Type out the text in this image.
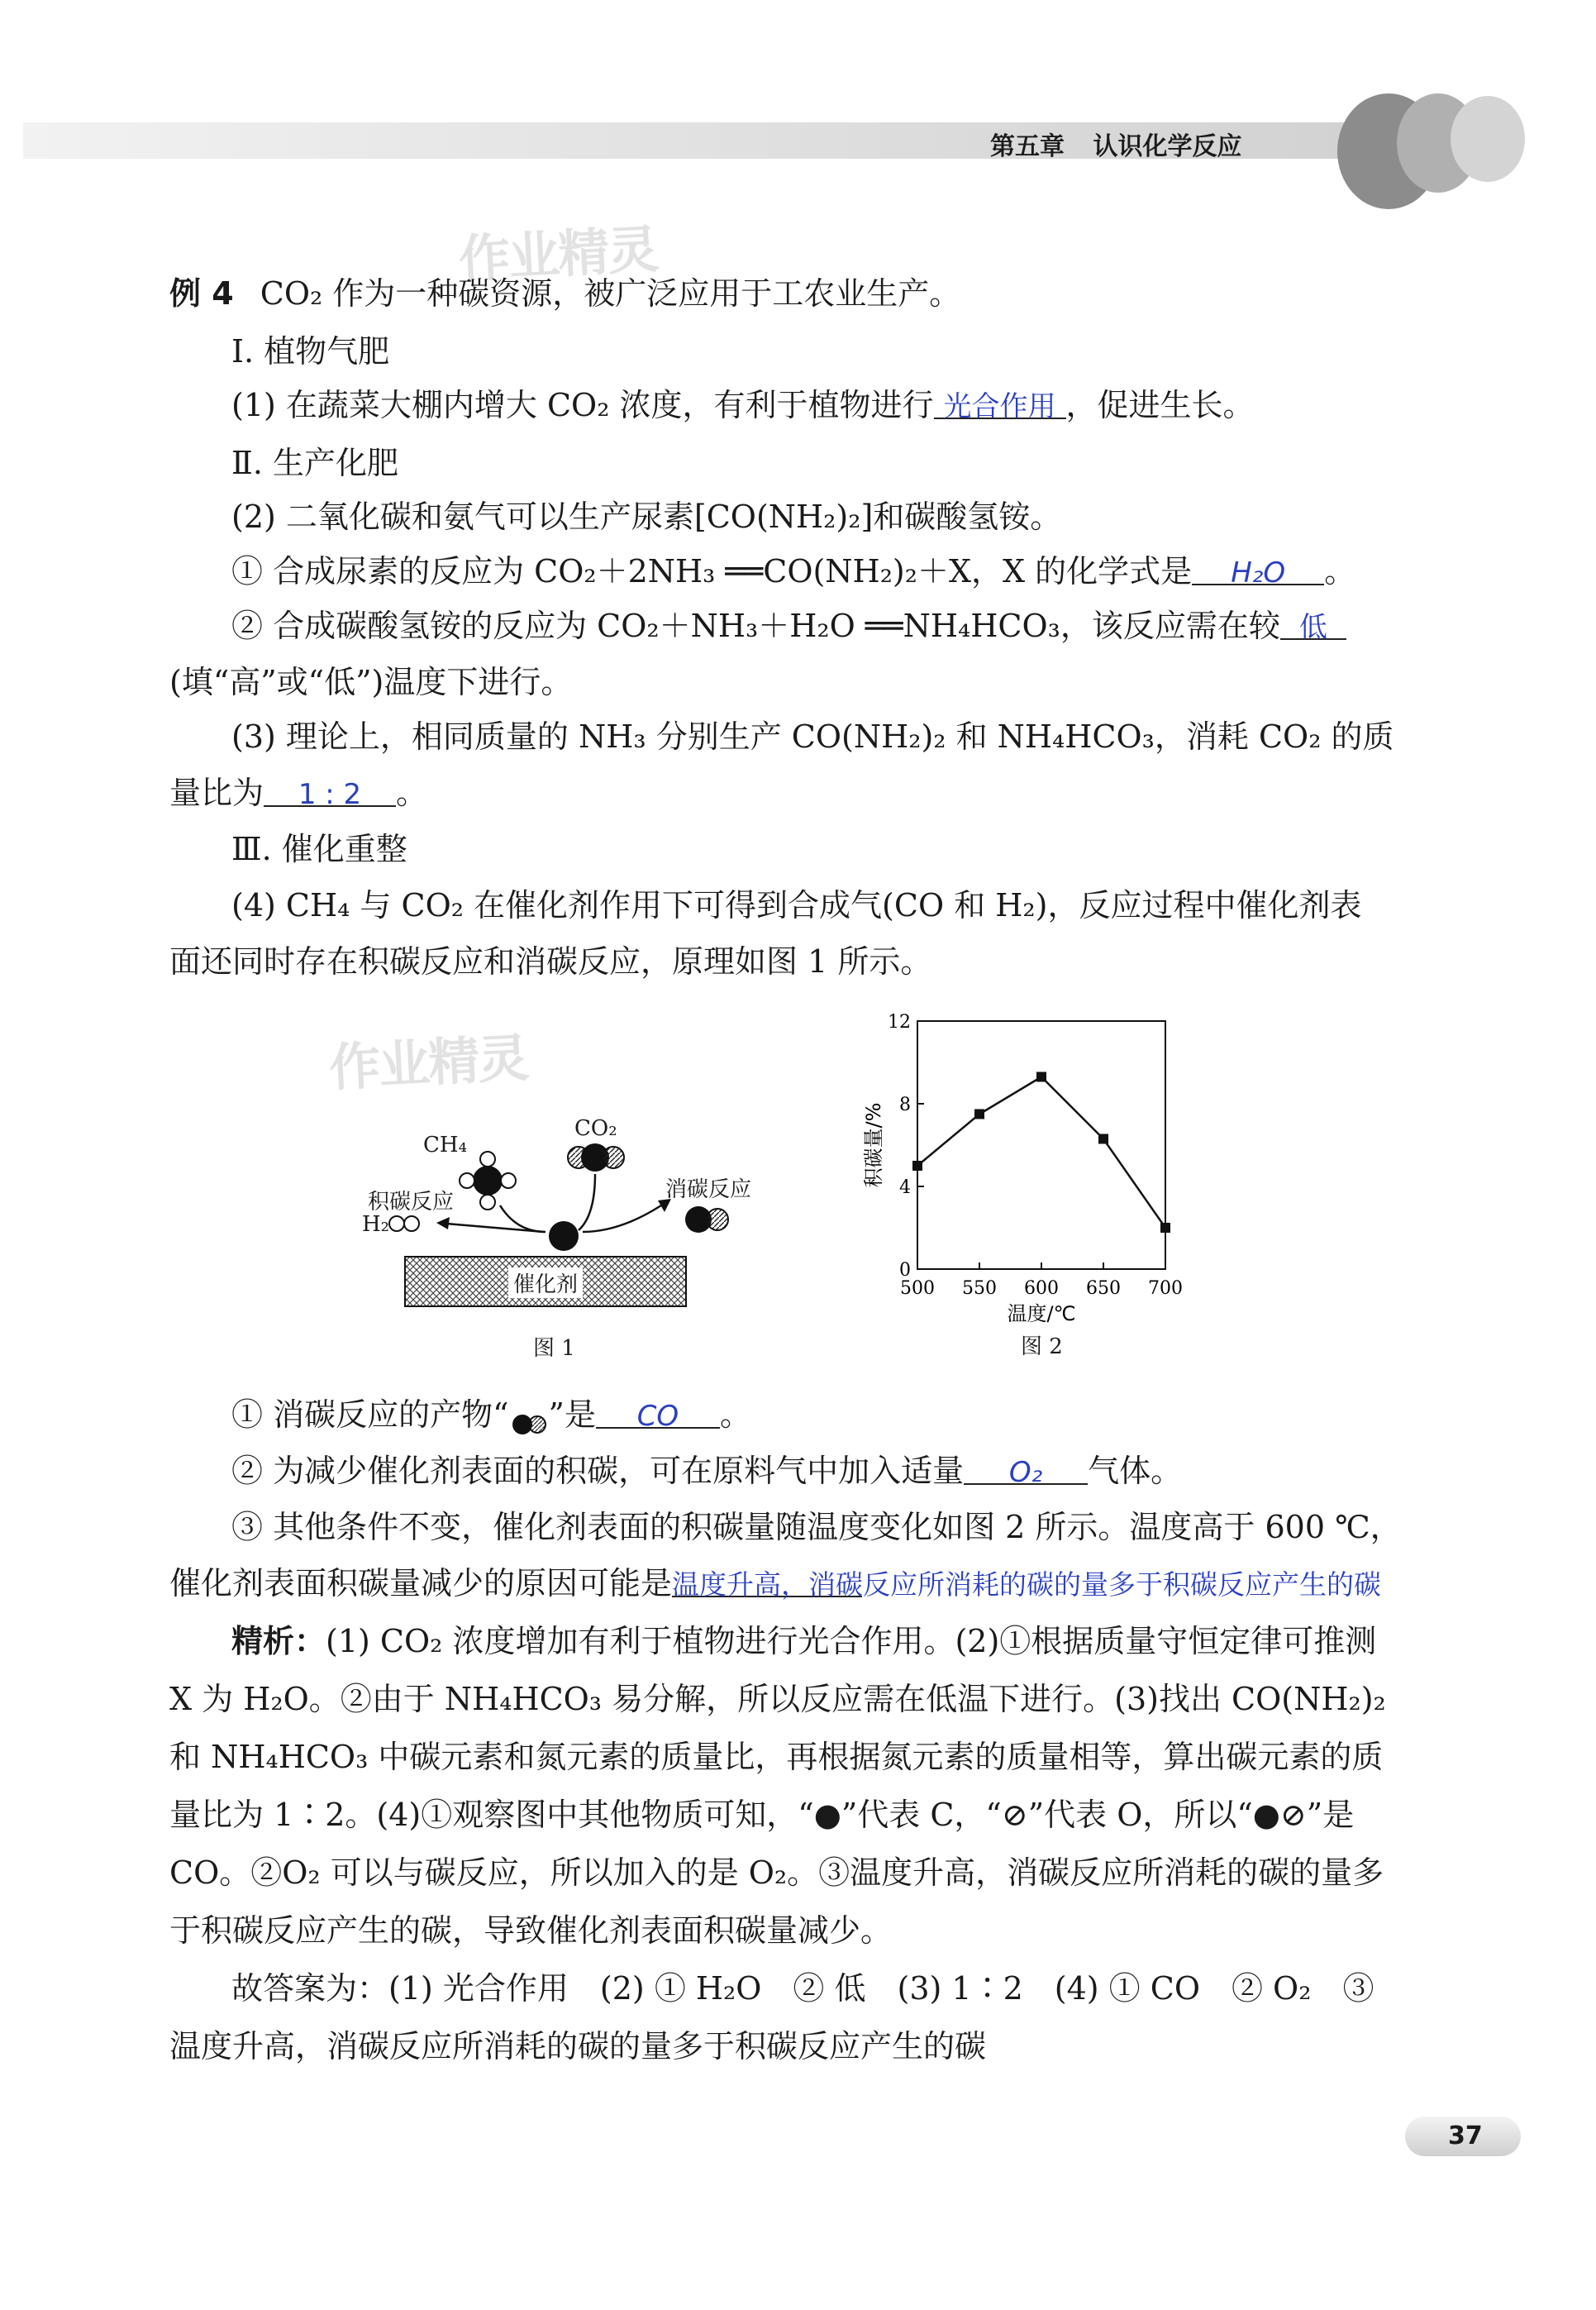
第五章 认识化学反应
作业精灵
作业精灵
例 4 CO₂ 作为一种碳资源，被广泛应用于工农业生产。
Ⅰ. 植物气肥
(1) 在蔬菜大棚内增大 CO₂ 浓度，有利于植物进行 光合作用 ，促进生长。
Ⅱ. 生产化肥
(2) 二氧化碳和氨气可以生产尿素[CO(NH₂)₂]和碳酸氢铵。
① 合成尿素的反应为 CO₂＋2NH₃ ══CO(NH₂)₂＋X，X 的化学式是 H₂O 。
② 合成碳酸氢铵的反应为 CO₂＋NH₃＋H₂O ══NH₄HCO₃，该反应需在较 低
(填“高”或“低”)温度下进行。
(3) 理论上，相同质量的 NH₃ 分别生产 CO(NH₂)₂ 和 NH₄HCO₃，消耗 CO₂ 的质
量比为 1 : 2 。
Ⅲ. 催化重整
(4) CH₄ 与 CO₂ 在催化剂作用下可得到合成气(CO 和 H₂)，反应过程中催化剂表
面还同时存在积碳反应和消碳反应，原理如图 1 所示。
CH₄
CO₂
积碳反应	消碳反应
H₂
催化剂
图 1
0
4
8
12
500 550 600 650 700
温度/℃
积碳量/%
图 2
① 消碳反应的产物“ ”是 CO 。
② 为减少催化剂表面的积碳，可在原料气中加入适量 O₂ 气体。
③ 其他条件不变，催化剂表面的积碳量随温度变化如图 2 所示。温度高于 600 ℃，
催化剂表面积碳量减少的原因可能是温度升高，消碳反应所消耗的碳的量多于积碳反应产生的碳
精析：(1) CO₂ 浓度增加有利于植物进行光合作用。(2)①根据质量守恒定律可推测
X 为 H₂O。②由于 NH₄HCO₃ 易分解，所以反应需在低温下进行。(3)找出 CO(NH₂)₂
和 NH₄HCO₃ 中碳元素和氮元素的质量比，再根据氮元素的质量相等，算出碳元素的质
量比为 1∶2。(4)①观察图中其他物质可知，“●”代表 C，“⊘”代表 O，所以“●⊘”是
CO。②O₂ 可以与碳反应，所以加入的是 O₂。③温度升高，消碳反应所消耗的碳的量多
于积碳反应产生的碳，导致催化剂表面积碳量减少。
故答案为：(1) 光合作用　(2) ① H₂O　② 低　(3) 1∶2　(4) ① CO　② O₂　③
温度升高，消碳反应所消耗的碳的量多于积碳反应产生的碳
37
